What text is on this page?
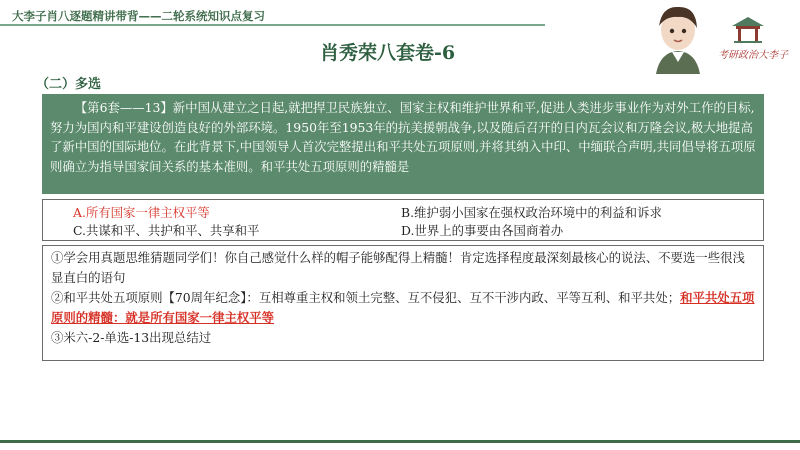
大李子肖八逐题精讲带背——二轮系统知识点复习
肖秀荣八套卷-6	考研政治大李子
（二）多选
【第6套——13】新中国从建立之日起,就把捍卫民族独立、国家主权和维护世界和平,促进人类进步事业作为对外工作的目标,努力为国内和平建设创造良好的外部环境。1950年至1953年的抗美援朝战争,以及随后召开的日内瓦会议和万隆会议,极大地提高了新中国的国际地位。在此背景下,中国领导人首次完整提出和平共处五项原则,并将其纳入中印、中缅联合声明,共同倡导将五项原则确立为指导国家间关系的基本准则。和平共处五项原则的精髓是
A.所有国家一律主权平等	B.维护弱小国家在强权政治环境中的利益和诉求
C.共谋和平、共护和平、共享和平	D.世界上的事要由各国商着办

①学会用真题思维猜题同学们！你自己感觉什么样的帽子能够配得上精髓！肯定选择程度最深刻最核心的说法、不要选一些很浅显直白的语句

②和平共处五项原则【70周年纪念】：互相尊重主权和领土完整、互不侵犯、互不干涉内政、平等互利、和平共处；和平共处五项原则的精髓：就是所有国家一律主权平等

③米六-2-单选-13出现总结过
